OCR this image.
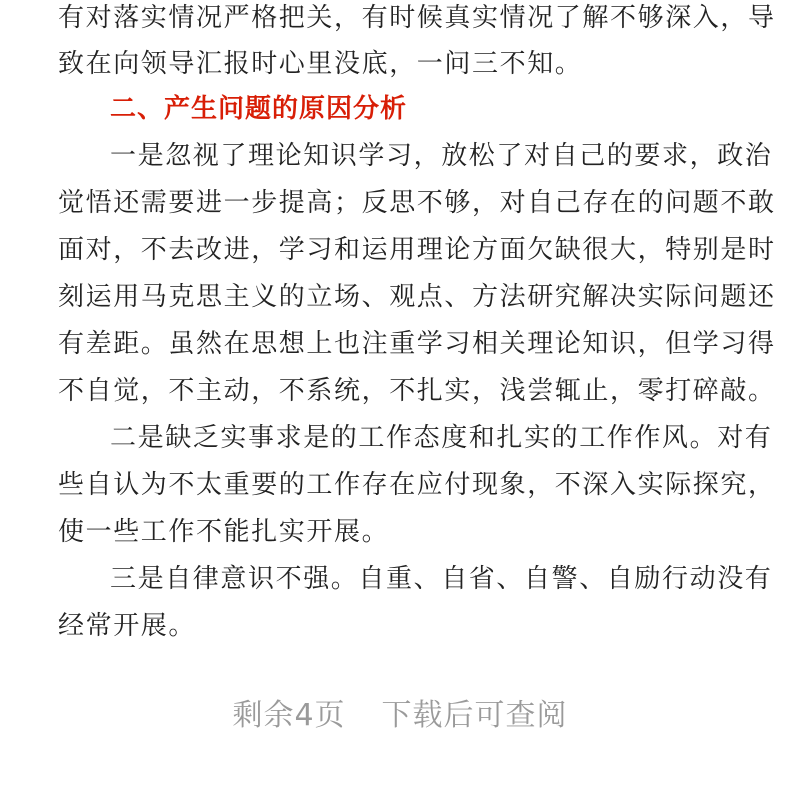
有对落实情况严格把关，有时候真实情况了解不够深入，导
致在向领导汇报时心里没底，一问三不知。
二、产生问题的原因分析
一是忽视了理论知识学习，放松了对自己的要求，政治
觉悟还需要进一步提高；反思不够，对自己存在的问题不敢
面对，不去改进，学习和运用理论方面欠缺很大，特别是时
刻运用马克思主义的立场、观点、方法研究解决实际问题还
有差距。虽然在思想上也注重学习相关理论知识，但学习得
不自觉，不主动，不系统，不扎实，浅尝辄止，零打碎敲。
二是缺乏实事求是的工作态度和扎实的工作作风。对有
些自认为不太重要的工作存在应付现象，不深入实际探究，
使一些工作不能扎实开展。
三是自律意识不强。自重、自省、自警、自励行动没有
经常开展。
剩余4页 下载后可查阅
